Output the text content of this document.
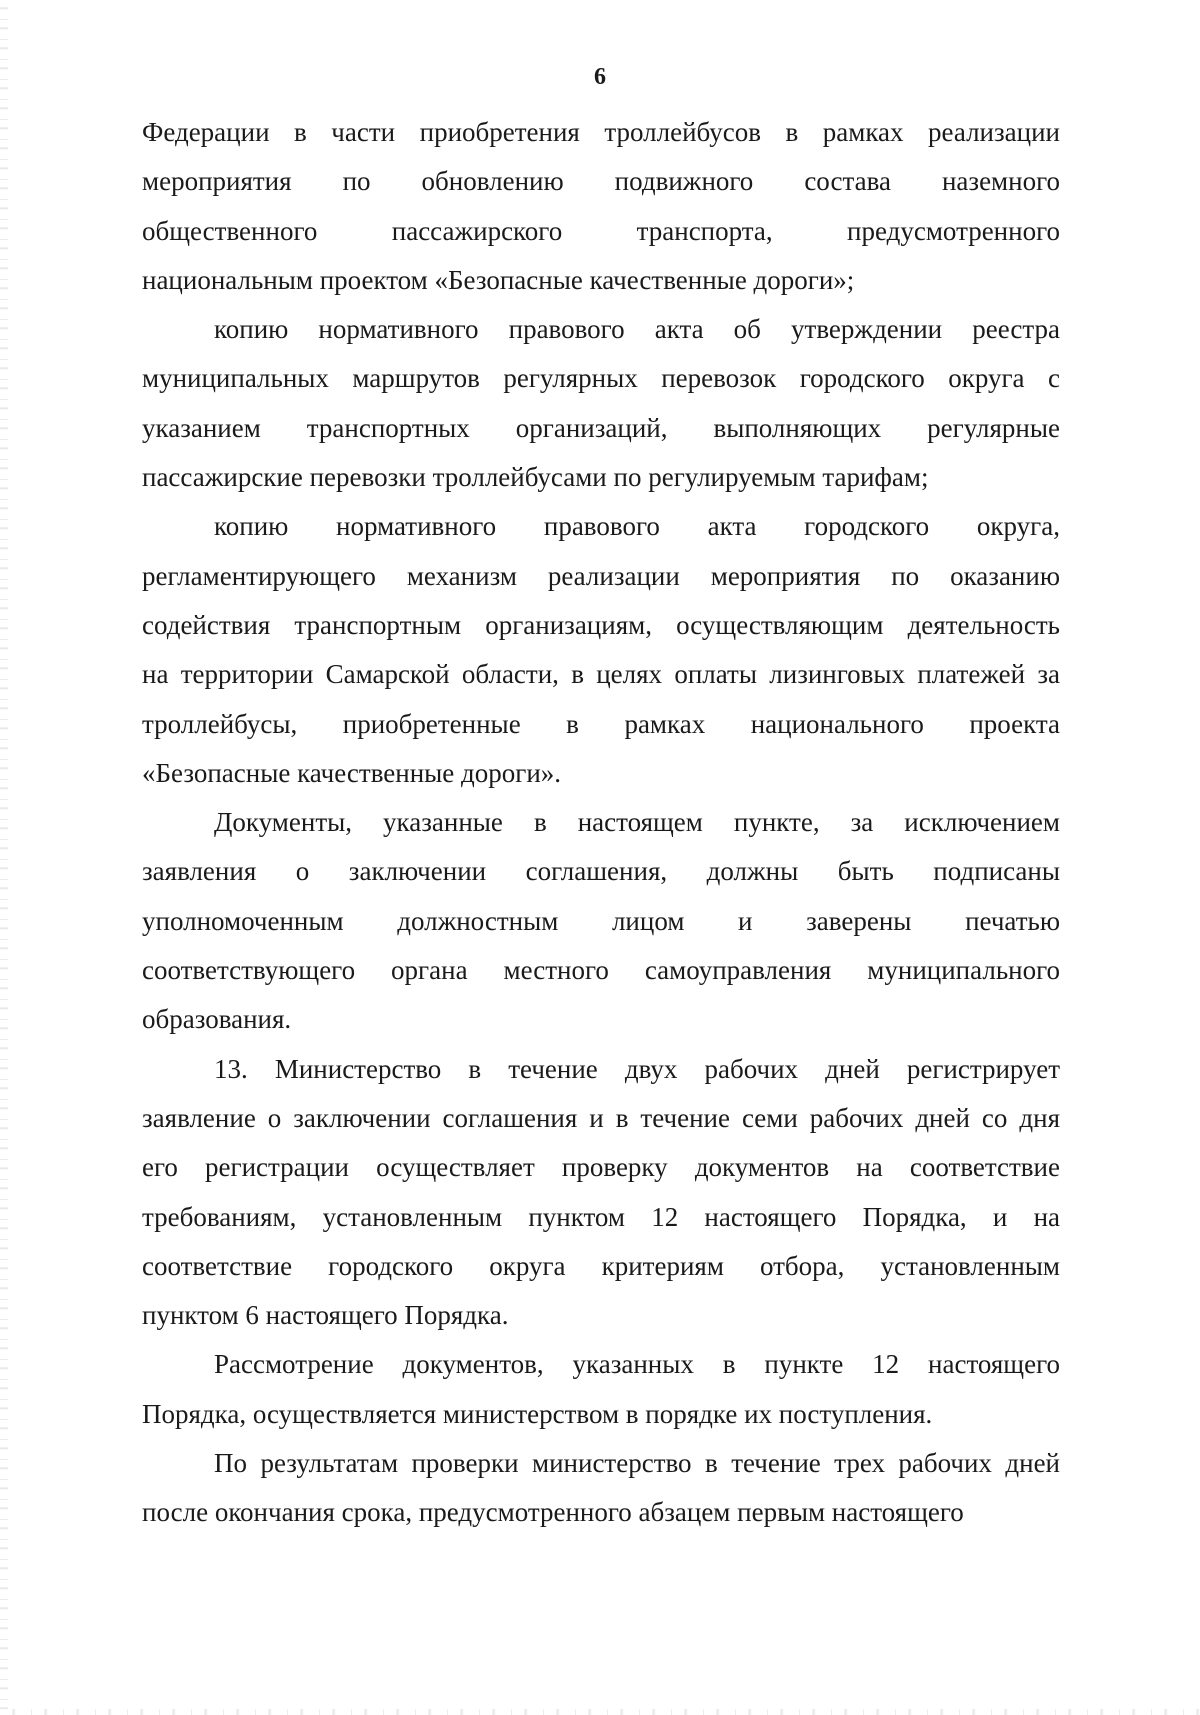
6
Федерации в части приобретения троллейбусов в рамках реализации
мероприятия по обновлению подвижного состава наземного
общественного пассажирского транспорта, предусмотренного
национальным проектом «Безопасные качественные дороги»;
копию нормативного правового акта об утверждении реестра
муниципальных маршрутов регулярных перевозок городского округа с
указанием транспортных организаций, выполняющих регулярные
пассажирские перевозки троллейбусами по регулируемым тарифам;
копию нормативного правового акта городского округа,
регламентирующего механизм реализации мероприятия по оказанию
содействия транспортным организациям, осуществляющим деятельность
на территории Самарской области, в целях оплаты лизинговых платежей за
троллейбусы, приобретенные в рамках национального проекта
«Безопасные качественные дороги».
Документы, указанные в настоящем пункте, за исключением
заявления о заключении соглашения, должны быть подписаны
уполномоченным должностным лицом и заверены печатью
соответствующего органа местного самоуправления муниципального
образования.
13. Министерство в течение двух рабочих дней регистрирует
заявление о заключении соглашения и в течение семи рабочих дней со дня
его регистрации осуществляет проверку документов на соответствие
требованиям, установленным пунктом 12 настоящего Порядка, и на
соответствие городского округа критериям отбора, установленным
пунктом 6 настоящего Порядка.
Рассмотрение документов, указанных в пункте 12 настоящего
Порядка, осуществляется министерством в порядке их поступления.
По результатам проверки министерство в течение трех рабочих дней
после окончания срока, предусмотренного абзацем первым настоящего
